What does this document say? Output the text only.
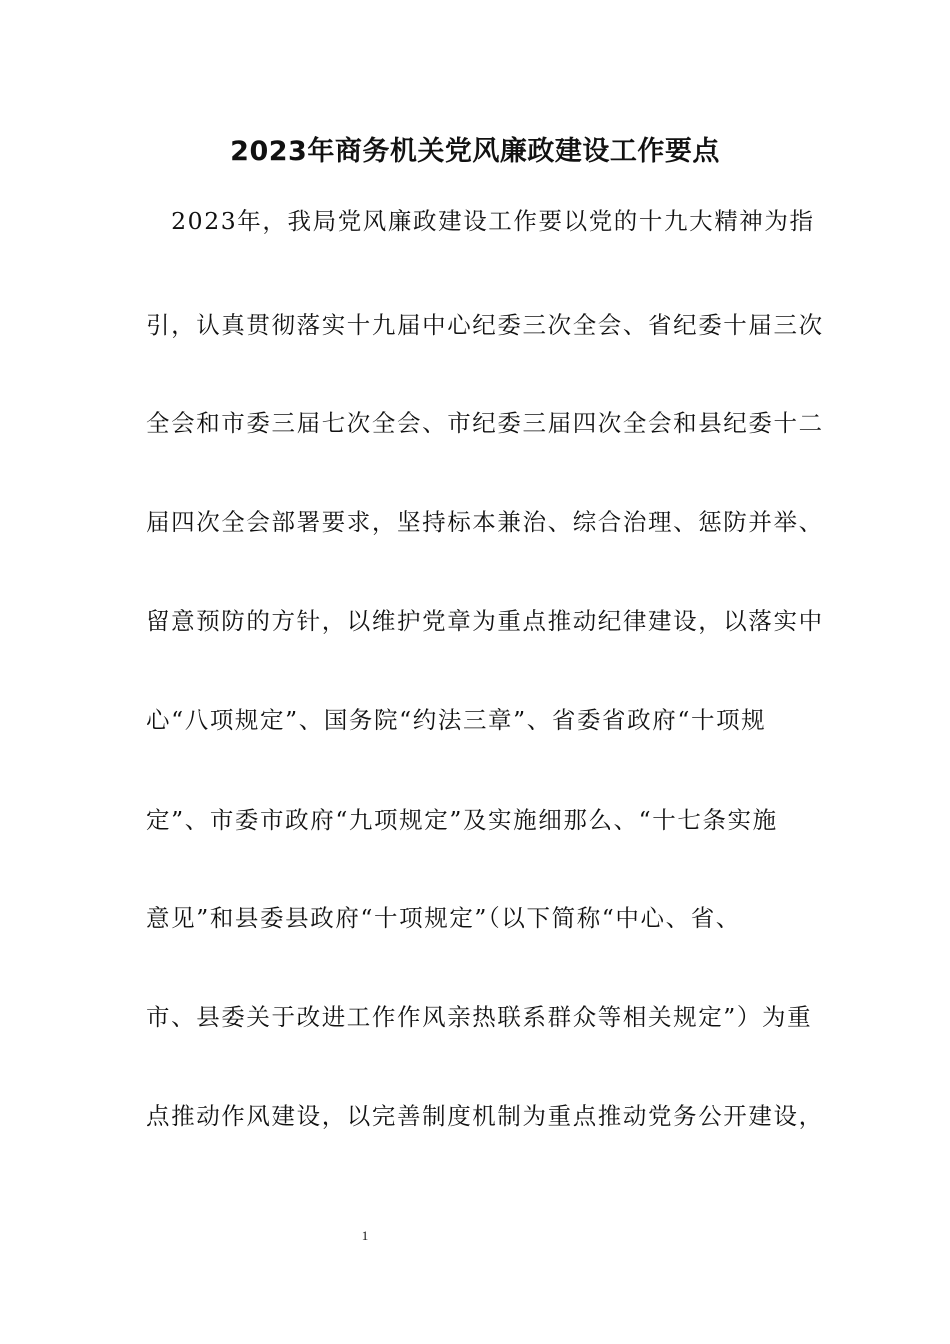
2023年商务机关党风廉政建设工作要点
　2023年，我局党风廉政建设工作要以党的十九大精神为指
引，认真贯彻落实十九届中心纪委三次全会、省纪委十届三次
全会和市委三届七次全会、市纪委三届四次全会和县纪委十二
届四次全会部署要求，坚持标本兼治、综合治理、惩防并举、
留意预防的方针，以维护党章为重点推动纪律建设，以落实中
心“八项规定”、国务院“约法三章”、省委省政府“十项规
定”、市委市政府“九项规定”及实施细那么、“十七条实施
意见”和县委县政府“十项规定”（以下简称“中心、省、
市、县委关于改进工作作风亲热联系群众等相关规定”）为重
点推动作风建设，以完善制度机制为重点推动党务公开建设，
1
